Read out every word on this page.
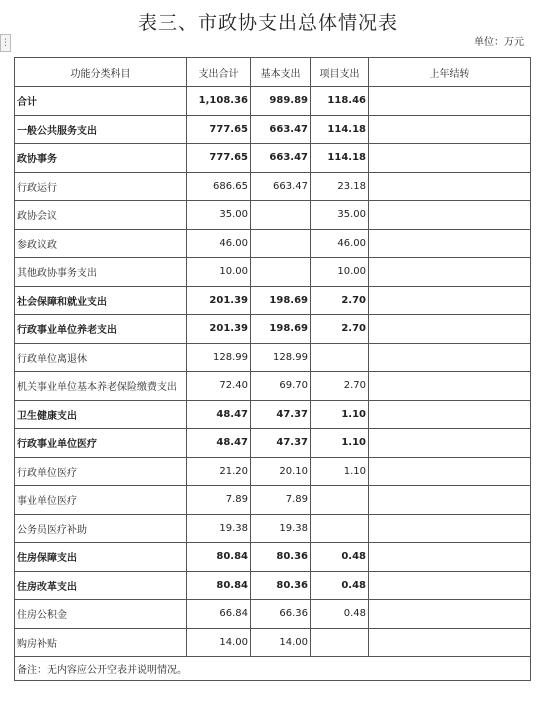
表三、市政协支出总体情况表
⋮	单位：万元
功能分类科目	支出合计	基本支出	项目支出	上年结转
合计	1,108.36	989.89	118.46	
一般公共服务支出	777.65	663.47	114.18	
政协事务	777.65	663.47	114.18	
行政运行	686.65	663.47	23.18	
政协会议	35.00		35.00	
参政议政	46.00		46.00	
其他政协事务支出	10.00		10.00	
社会保障和就业支出	201.39	198.69	2.70	
行政事业单位养老支出	201.39	198.69	2.70	
行政单位离退休	128.99	128.99		
机关事业单位基本养老保险缴费支出	72.40	69.70	2.70	
卫生健康支出	48.47	47.37	1.10	
行政事业单位医疗	48.47	47.37	1.10	
行政单位医疗	21.20	20.10	1.10	
事业单位医疗	7.89	7.89		
公务员医疗补助	19.38	19.38		
住房保障支出	80.84	80.36	0.48	
住房改革支出	80.84	80.36	0.48	
住房公积金	66.84	66.36	0.48	
购房补贴	14.00	14.00		
备注：无内容应公开空表并说明情况。				
